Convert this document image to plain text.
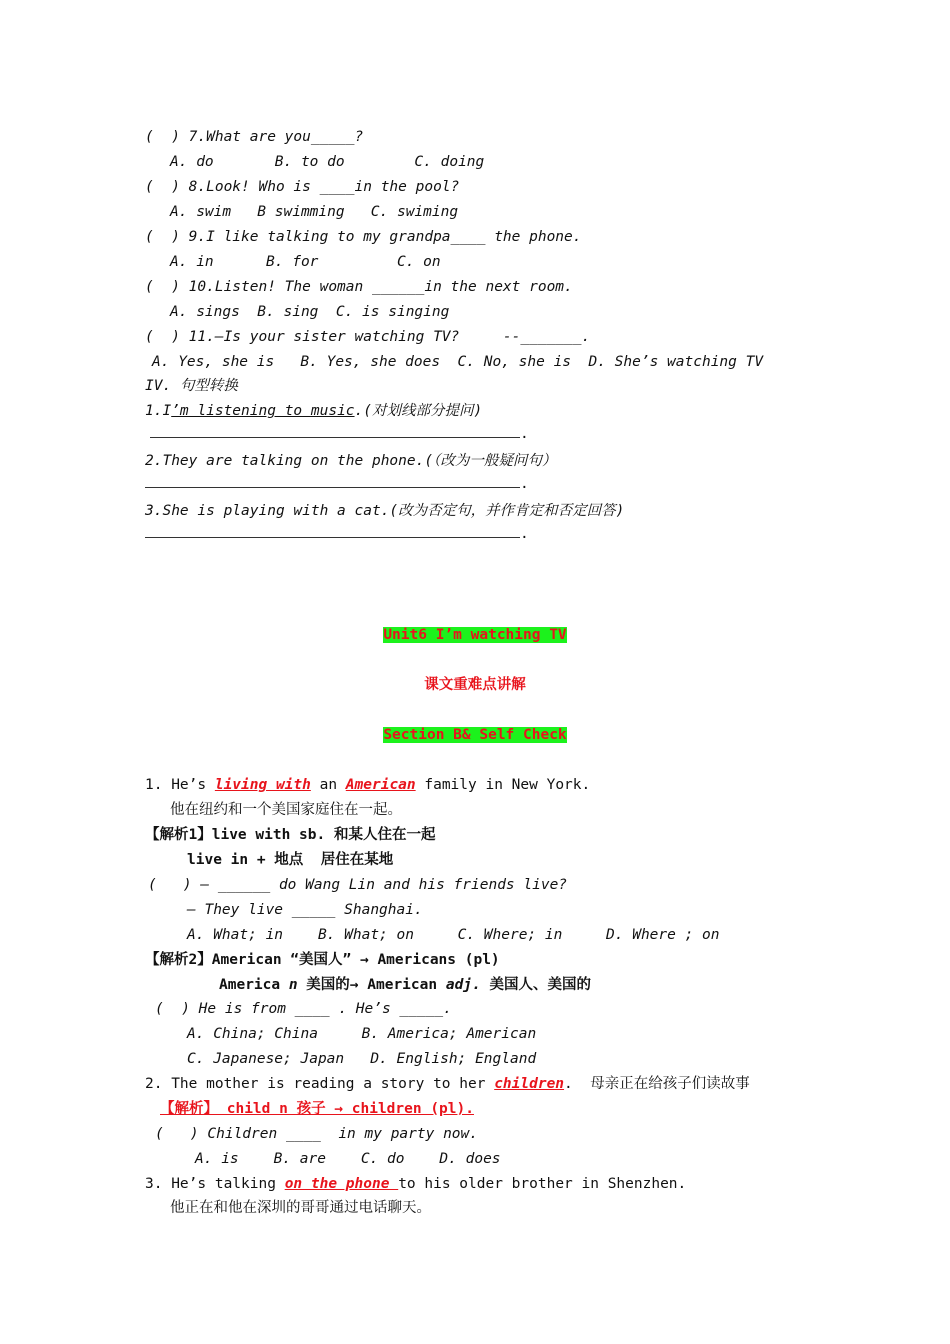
(  ) 7.What are you_____?
A. do       B. to do        C. doing
(  ) 8.Look! Who is ____in the pool?
A. swim   B swimming   C. swiming
(  ) 9.I like talking to my grandpa____ the phone.
A. in      B. for         C. on
(  ) 10.Listen! The woman ______in the next room.
A. sings  B. sing  C. is singing
(  ) 11.—Is your sister watching TV?     --_______.
A. Yes, she is   B. Yes, she does  C. No, she is  D. She’s watching TV
IV. 句型转换
1.I’m listening to music.(对划线部分提问)
.
2.They are talking on the phone.(（改为一般疑问句）
.
3.She is playing with a cat.(改为否定句，并作肯定和否定回答)
.
Unit6 I’m watching TV
课文重难点讲解
Section B& Self Check
1. He’s living with an American family in New York.
他在纽约和一个美国家庭住在一起。
【解析1】live with sb. 和某人住在一起
live in + 地点  居住在某地
(   ) — ______ do Wang Lin and his friends live?
— They live _____ Shanghai.
A. What; in    B. What; on     C. Where; in     D. Where ; on
【解析2】American “美国人” → Americans (pl)
America n 美国的→ American adj. 美国人、美国的
(  ) He is from ____ . He’s _____.
A. China; China     B. America; American
C. Japanese; Japan   D. English; England
2. The mother is reading a story to her children.  母亲正在给孩子们读故事
【解析】 child n 孩子 → children (pl).
(   ) Children ____  in my party now.
A. is    B. are    C. do    D. does
3. He’s talking on the phone to his older brother in Shenzhen.
他正在和他在深圳的哥哥通过电话聊天。
